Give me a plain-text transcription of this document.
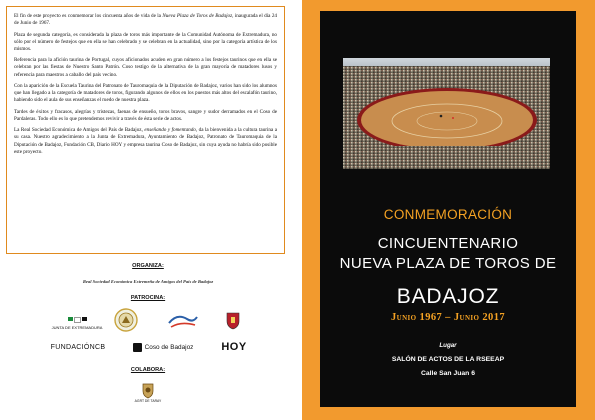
El fin de este proyecto es conmemorar los cincuenta años de vida de la Nueva Plaza de Toros de Badajoz, inaugurada el día 24 de Junio de 1967.

Plaza de segunda categoría, es considerada la plaza de toros más importante de la Comunidad Autónoma de Extremadura, no sólo por el número de festejos que en ella se han celebrado y se celebran en la actualidad, sino por la categoría artística de los mismos.

Referencia para la afición taurina de Portugal, cuyos aficionados acuden en gran número a los festejos taurinos que en ella se celebran por las fiestas de Nuestro Santo Patrón. Coso testigo de la alternativa de la gran mayoría de matadores lusos y referencia para maestros a caballo del país vecino.

Con la aparición de la Escuela Taurina del Patronato de Tauromaquia de la Diputación de Badajoz, varios han sido los alumnos que han llegado a la categoría de matadores de toros, figurando algunos de ellos en los puestos más altos del escalafón taurino, habiendo sido el aula de sus enseñanzas el ruedo de nuestra plaza.

Tardes de éxitos y fracasos, alegrías y tristezas, faenas de ensueño, toros bravos, sangre y sudor derramados en el Coso de Pardaleras. Todo ello es lo que pretendemos revivir a través de ésta serie de actos.

La Real Sociedad Económica de Amigos del País de Badajoz, enseñando y fomentando, da la bienvenida a la cultura taurina a su casa. Nuestro agradecimiento a la Junta de Extremadura, Ayuntamiento de Badajoz, Patronato de Tauromaquia de la Diputación de Badajoz, Fundación CB, Diario HOY y empresa taurina Coso de Badajoz, sin cuya ayuda no habría sido posible este proyecto.

ORGANIZA:
Real Sociedad Económica Extremeña de Amigos del País de Badajoz
PATROCINA:
JUNTA DE EXTREMADURA
FUNDACIÓNCB	Coso de Badajoz	HOY
COLABORA:
AGRT DE TARAY
CONMEMORACIÓN
CINCUENTENARIO
NUEVA PLAZA DE TOROS DE
BADAJOZ
Junio 1967 – Junio 2017
Lugar
SALÓN DE ACTOS DE LA RSEEAP
Calle San Juan 6
